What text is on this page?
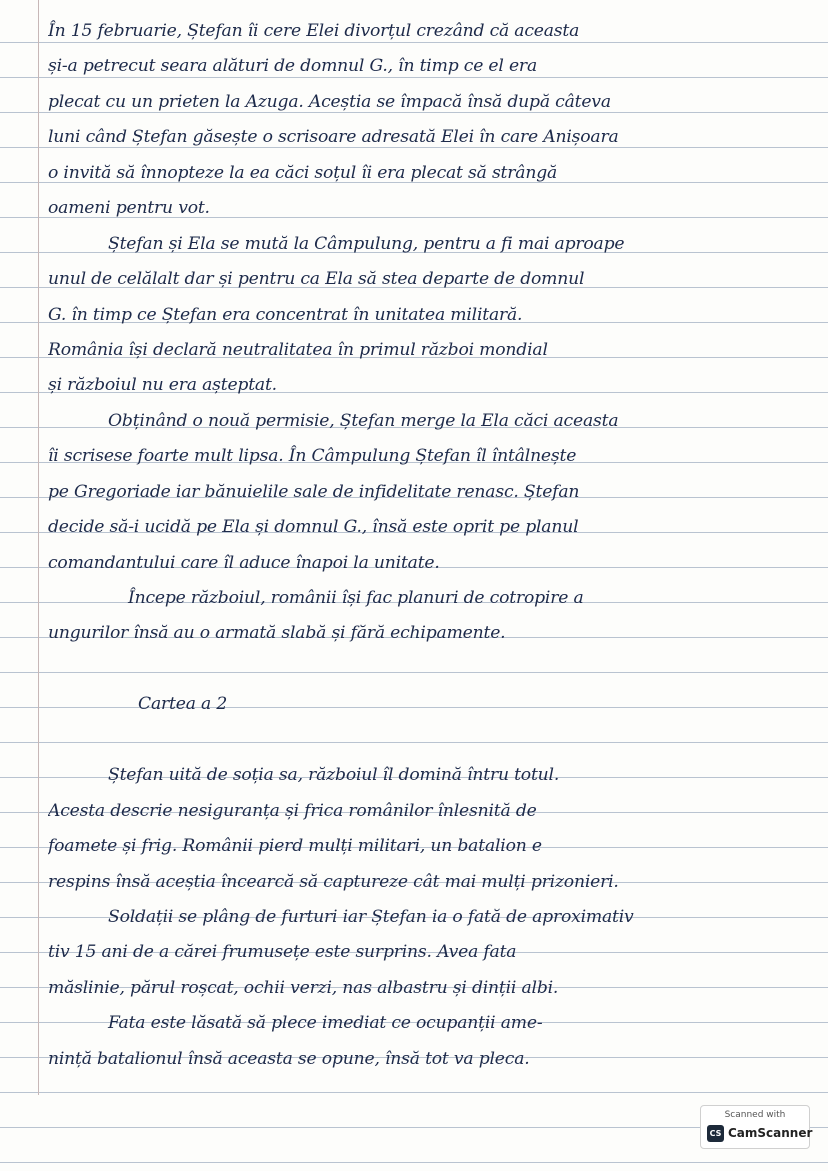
În 15 februarie, Ștefan îi cere Elei divorțul crezând că aceasta
și-a petrecut seara alături de domnul G., în timp ce el era
plecat cu un prieten la Azuga. Aceștia se împacă însă după câteva
luni când Ștefan găsește o scrisoare adresată Elei în care Anișoara
o invită să înnopteze la ea căci soțul îi era plecat să strângă
oameni pentru vot.
Ștefan și Ela se mută la Câmpulung, pentru a fi mai aproape
unul de celălalt dar și pentru ca Ela să stea departe de domnul
G. în timp ce Ștefan era concentrat în unitatea militară.
România își declară neutralitatea în primul război mondial
și războiul nu era așteptat.
Obținând o nouă permisie, Ștefan merge la Ela căci aceasta
îi scrisese foarte mult lipsa. În Câmpulung Ștefan îl întâlnește
pe Gregoriade iar bănuielile sale de infidelitate renasc. Ștefan
decide să-i ucidă pe Ela și domnul G., însă este oprit pe planul
comandantului care îl aduce înapoi la unitate.
Începe războiul, românii își fac planuri de cotropire a
ungurilor însă au o armată slabă și fără echipamente.
Cartea a 2
Ștefan uită de soția sa, războiul îl domină întru totul.
Acesta descrie nesiguranța și frica românilor înlesnită de
foamete și frig. Românii pierd mulți militari, un batalion e
respins însă aceștia încearcă să captureze cât mai mulți prizonieri.
Soldații se plâng de furturi iar Ștefan ia o fată de aproximativ
tiv 15 ani de a cărei frumusețe este surprins. Avea fata
măslinie, părul roșcat, ochii verzi, nas albastru și dinții albi.
Fata este lăsată să plece imediat ce ocupanții ame-
nință batalionul însă aceasta se opune, însă tot va pleca.
Scanned with
CS CamScanner
